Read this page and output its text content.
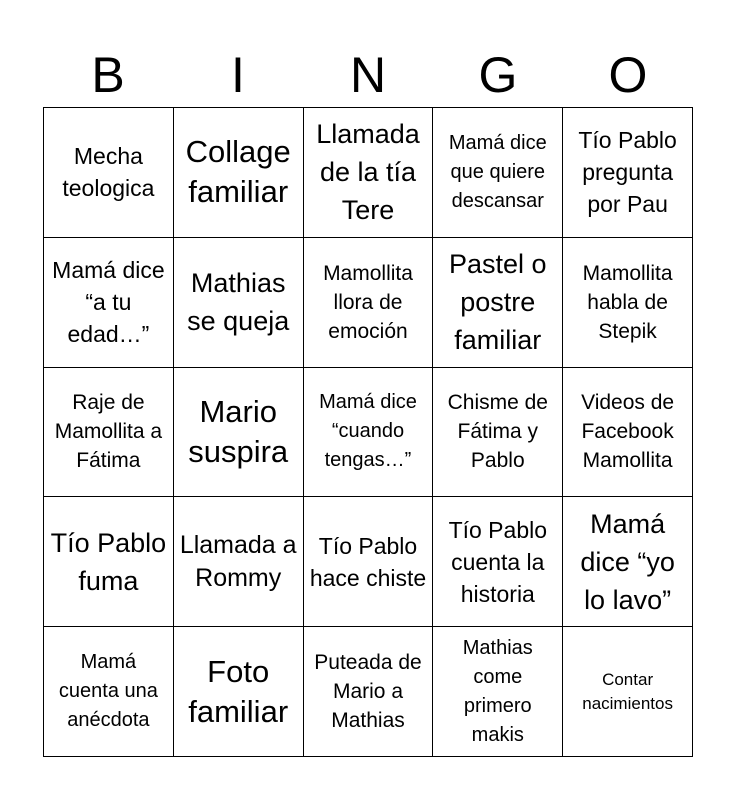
B	I	N	G	O
Mecha teologica	Collage familiar	Llamada de la tía Tere	Mamá dice que quiere descansar	Tío Pablo pregunta por Pau
Mamá dice “a tu edad…”	Mathias se queja	Mamollita llora de emoción	Pastel o postre familiar	Mamollita habla de Stepik
Raje de Mamollita a Fátima	Mario suspira	Mamá dice “cuando tengas…”	Chisme de Fátima y Pablo	Videos de Facebook Mamollita
Tío Pablo fuma	Llamada a Rommy	Tío Pablo hace chiste	Tío Pablo cuenta la historia	Mamá dice “yo lo lavo”
Mamá cuenta una anécdota	Foto familiar	Puteada de Mario a Mathias	Mathias come primero makis	Contar nacimientos
